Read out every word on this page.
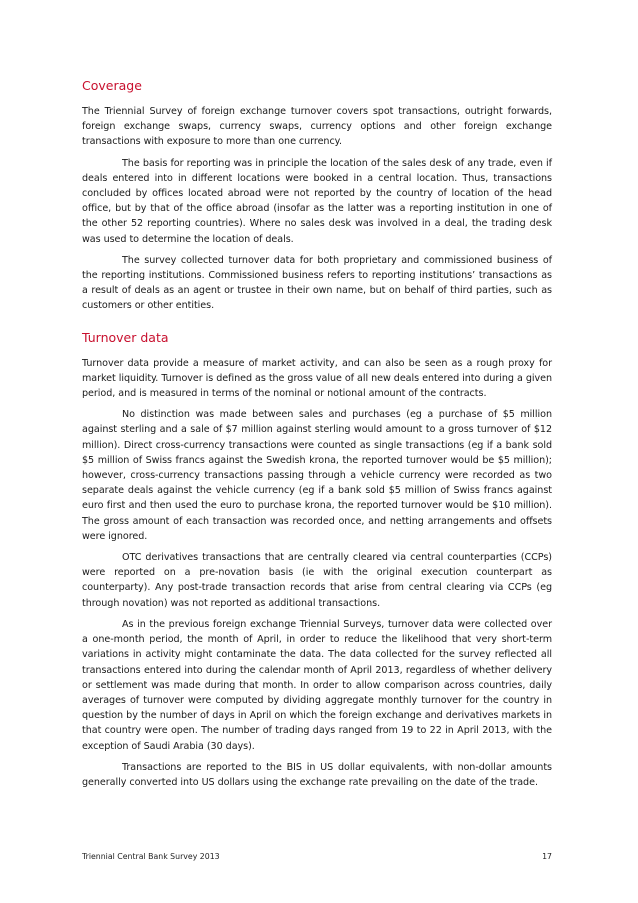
Coverage

The Triennial Survey of foreign exchange turnover covers spot transactions, outright forwards, foreign exchange swaps, currency swaps, currency options and other foreign exchange transactions with exposure to more than one currency.

The basis for reporting was in principle the location of the sales desk of any trade, even if deals entered into in different locations were booked in a central location. Thus, transactions concluded by offices located abroad were not reported by the country of location of the head office, but by that of the office abroad (insofar as the latter was a reporting institution in one of the other 52 reporting countries). Where no sales desk was involved in a deal, the trading desk was used to determine the location of deals.

The survey collected turnover data for both proprietary and commissioned business of the reporting institutions. Commissioned business refers to reporting institutions’ transactions as a result of deals as an agent or trustee in their own name, but on behalf of third parties, such as customers or other entities.

Turnover data

Turnover data provide a measure of market activity, and can also be seen as a rough proxy for market liquidity. Turnover is defined as the gross value of all new deals entered into during a given period, and is measured in terms of the nominal or notional amount of the contracts.

No distinction was made between sales and purchases (eg a purchase of $5 million against sterling and a sale of $7 million against sterling would amount to a gross turnover of $12 million). Direct cross-currency transactions were counted as single transactions (eg if a bank sold $5 million of Swiss francs against the Swedish krona, the reported turnover would be $5 million); however, cross-currency transactions passing through a vehicle currency were recorded as two separate deals against the vehicle currency (eg if a bank sold $5 million of Swiss francs against euro first and then used the euro to purchase krona, the reported turnover would be $10 million). The gross amount of each transaction was recorded once, and netting arrangements and offsets were ignored.

OTC derivatives transactions that are centrally cleared via central counterparties (CCPs) were reported on a pre-novation basis (ie with the original execution counterpart as counterparty). Any post-trade transaction records that arise from central clearing via CCPs (eg through novation) was not reported as additional transactions.

As in the previous foreign exchange Triennial Surveys, turnover data were collected over a one-month period, the month of April, in order to reduce the likelihood that very short-term variations in activity might contaminate the data. The data collected for the survey reflected all transactions entered into during the calendar month of April 2013, regardless of whether delivery or settlement was made during that month. In order to allow comparison across countries, daily averages of turnover were computed by dividing aggregate monthly turnover for the country in question by the number of days in April on which the foreign exchange and derivatives markets in that country were open. The number of trading days ranged from 19 to 22 in April 2013, with the exception of Saudi Arabia (30 days).

Transactions are reported to the BIS in US dollar equivalents, with non-dollar amounts generally converted into US dollars using the exchange rate prevailing on the date of the trade.

Triennial Central Bank Survey 2013	17
